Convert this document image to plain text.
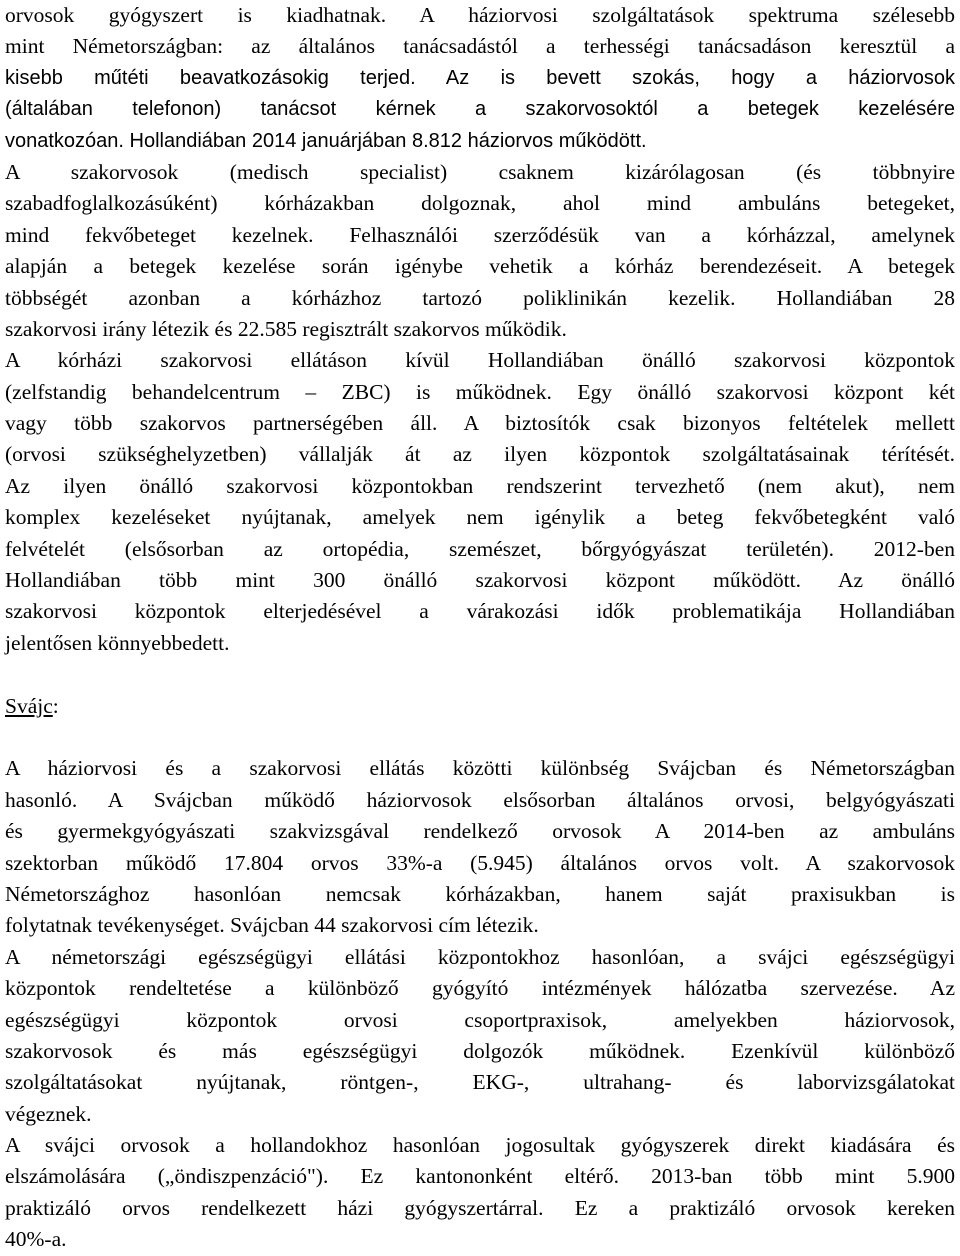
orvosok gyógyszert is kiadhatnak. A háziorvosi szolgáltatások spektruma szélesebb
mint Németországban: az általános tanácsadástól a terhességi tanácsadáson keresztül a
kisebb műtéti beavatkozásokig terjed. Az is bevett szokás, hogy a háziorvosok
(általában telefonon) tanácsot kérnek a szakorvosoktól a betegek kezelésére
vonatkozóan. Hollandiában 2014 januárjában 8.812 háziorvos működött.
A szakorvosok (medisch specialist) csaknem kizárólagosan (és többnyire
szabadfoglalkozásúként) kórházakban dolgoznak, ahol mind ambuláns betegeket,
mind fekvőbeteget kezelnek. Felhasználói szerződésük van a kórházzal, amelynek
alapján a betegek kezelése során igénybe vehetik a kórház berendezéseit. A betegek
többségét azonban a kórházhoz tartozó poliklinikán kezelik. Hollandiában 28
szakorvosi irány létezik és 22.585 regisztrált szakorvos működik.
A kórházi szakorvosi ellátáson kívül Hollandiában önálló szakorvosi központok
(zelfstandig behandelcentrum – ZBC) is működnek. Egy önálló szakorvosi központ két
vagy több szakorvos partnerségében áll. A biztosítók csak bizonyos feltételek mellett
(orvosi szükséghelyzetben) vállalják át az ilyen központok szolgáltatásainak térítését.
Az ilyen önálló szakorvosi központokban rendszerint tervezhető (nem akut), nem
komplex kezeléseket nyújtanak, amelyek nem igénylik a beteg fekvőbetegként való
felvételét (elsősorban az ortopédia, szemészet, bőrgyógyászat területén). 2012-ben
Hollandiában több mint 300 önálló szakorvosi központ működött. Az önálló
szakorvosi központok elterjedésével a várakozási idők problematikája Hollandiában
jelentősen könnyebbedett.
Svájc:
A háziorvosi és a szakorvosi ellátás közötti különbség Svájcban és Németországban
hasonló. A Svájcban működő háziorvosok elsősorban általános orvosi, belgyógyászati
és gyermekgyógyászati szakvizsgával rendelkező orvosok A 2014-ben az ambuláns
szektorban működő 17.804 orvos 33%-a (5.945) általános orvos volt. A szakorvosok
Németországhoz hasonlóan nemcsak kórházakban, hanem saját praxisukban is
folytatnak tevékenységet. Svájcban 44 szakorvosi cím létezik.
A németországi egészségügyi ellátási központokhoz hasonlóan, a svájci egészségügyi
központok rendeltetése a különböző gyógyító intézmények hálózatba szervezése. Az
egészségügyi központok orvosi csoportpraxisok, amelyekben háziorvosok,
szakorvosok és más egészségügyi dolgozók működnek. Ezenkívül különböző
szolgáltatásokat nyújtanak, röntgen-, EKG-, ultrahang- és laborvizsgálatokat
végeznek.
A svájci orvosok a hollandokhoz hasonlóan jogosultak gyógyszerek direkt kiadására és
elszámolására („öndiszpenzáció"). Ez kantononként eltérő. 2013-ban több mint 5.900
praktizáló orvos rendelkezett házi gyógyszertárral. Ez a praktizáló orvosok kereken
40%-a.
